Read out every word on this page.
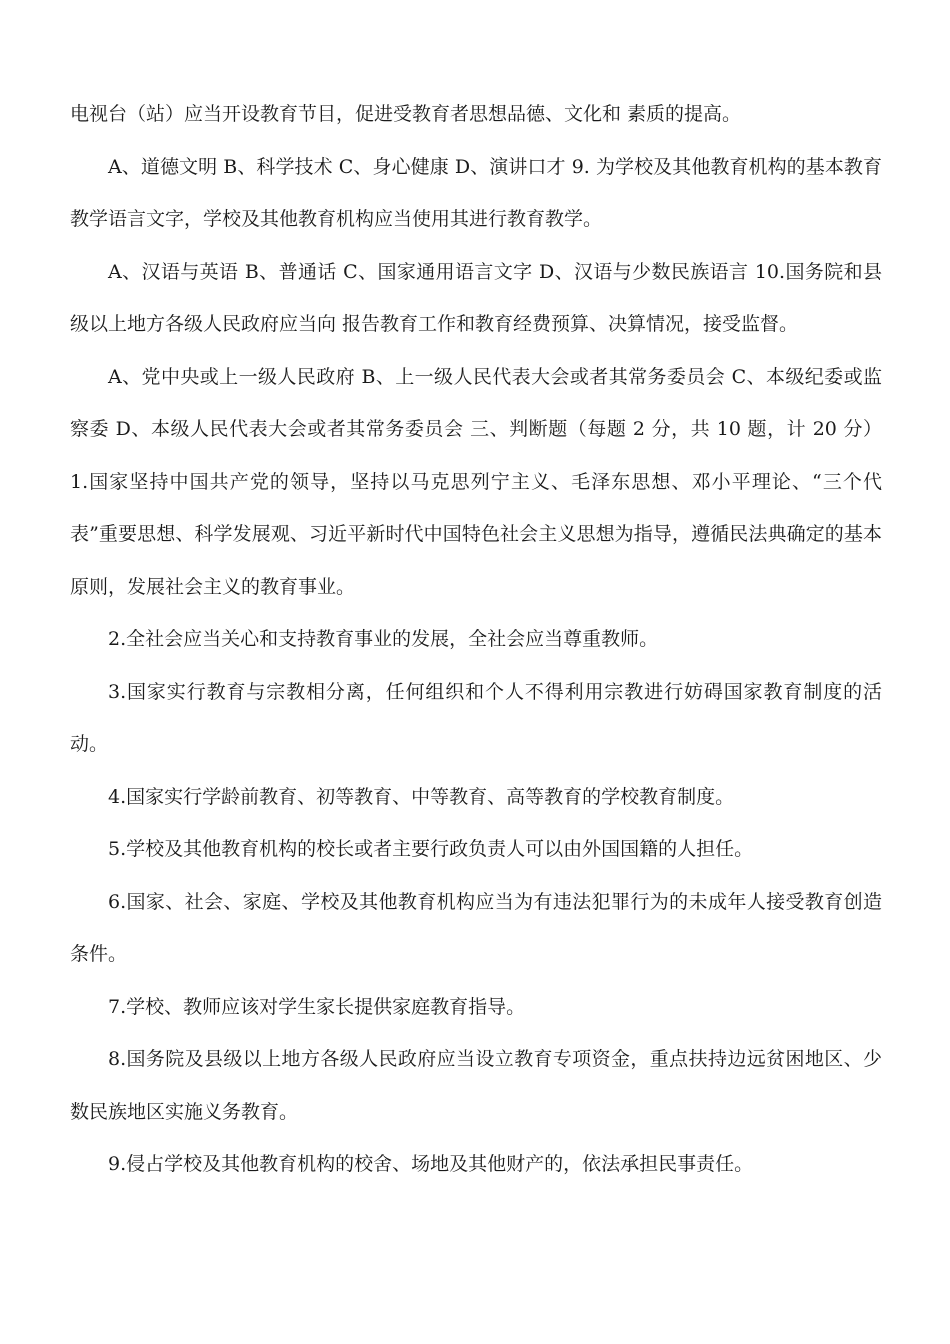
电视台（站）应当开设教育节目，促进受教育者思想品德、文化和 素质的提高。

A、道德文明 B、科学技术 C、身心健康 D、演讲口才 9. 为学校及其他教育机构的基本教育教学语言文字，学校及其他教育机构应当使用其进行教育教学。

A、汉语与英语 B、普通话 C、国家通用语言文字 D、汉语与少数民族语言 10.国务院和县级以上地方各级人民政府应当向 报告教育工作和教育经费预算、决算情况，接受监督。

A、党中央或上一级人民政府 B、上一级人民代表大会或者其常务委员会 C、本级纪委或监察委 D、本级人民代表大会或者其常务委员会 三、判断题（每题 2 分，共 10 题，计 20 分） 1.国家坚持中国共产党的领导，坚持以马克思列宁主义、毛泽东思想、邓小平理论、“三个代表”重要思想、科学发展观、习近平新时代中国特色社会主义思想为指导，遵循民法典确定的基本原则，发展社会主义的教育事业。

2.全社会应当关心和支持教育事业的发展，全社会应当尊重教师。

3.国家实行教育与宗教相分离，任何组织和个人不得利用宗教进行妨碍国家教育制度的活动。

4.国家实行学龄前教育、初等教育、中等教育、高等教育的学校教育制度。

5.学校及其他教育机构的校长或者主要行政负责人可以由外国国籍的人担任。

6.国家、社会、家庭、学校及其他教育机构应当为有违法犯罪行为的未成年人接受教育创造条件。

7.学校、教师应该对学生家长提供家庭教育指导。

8.国务院及县级以上地方各级人民政府应当设立教育专项资金，重点扶持边远贫困地区、少数民族地区实施义务教育。

9.侵占学校及其他教育机构的校舍、场地及其他财产的，依法承担民事责任。
